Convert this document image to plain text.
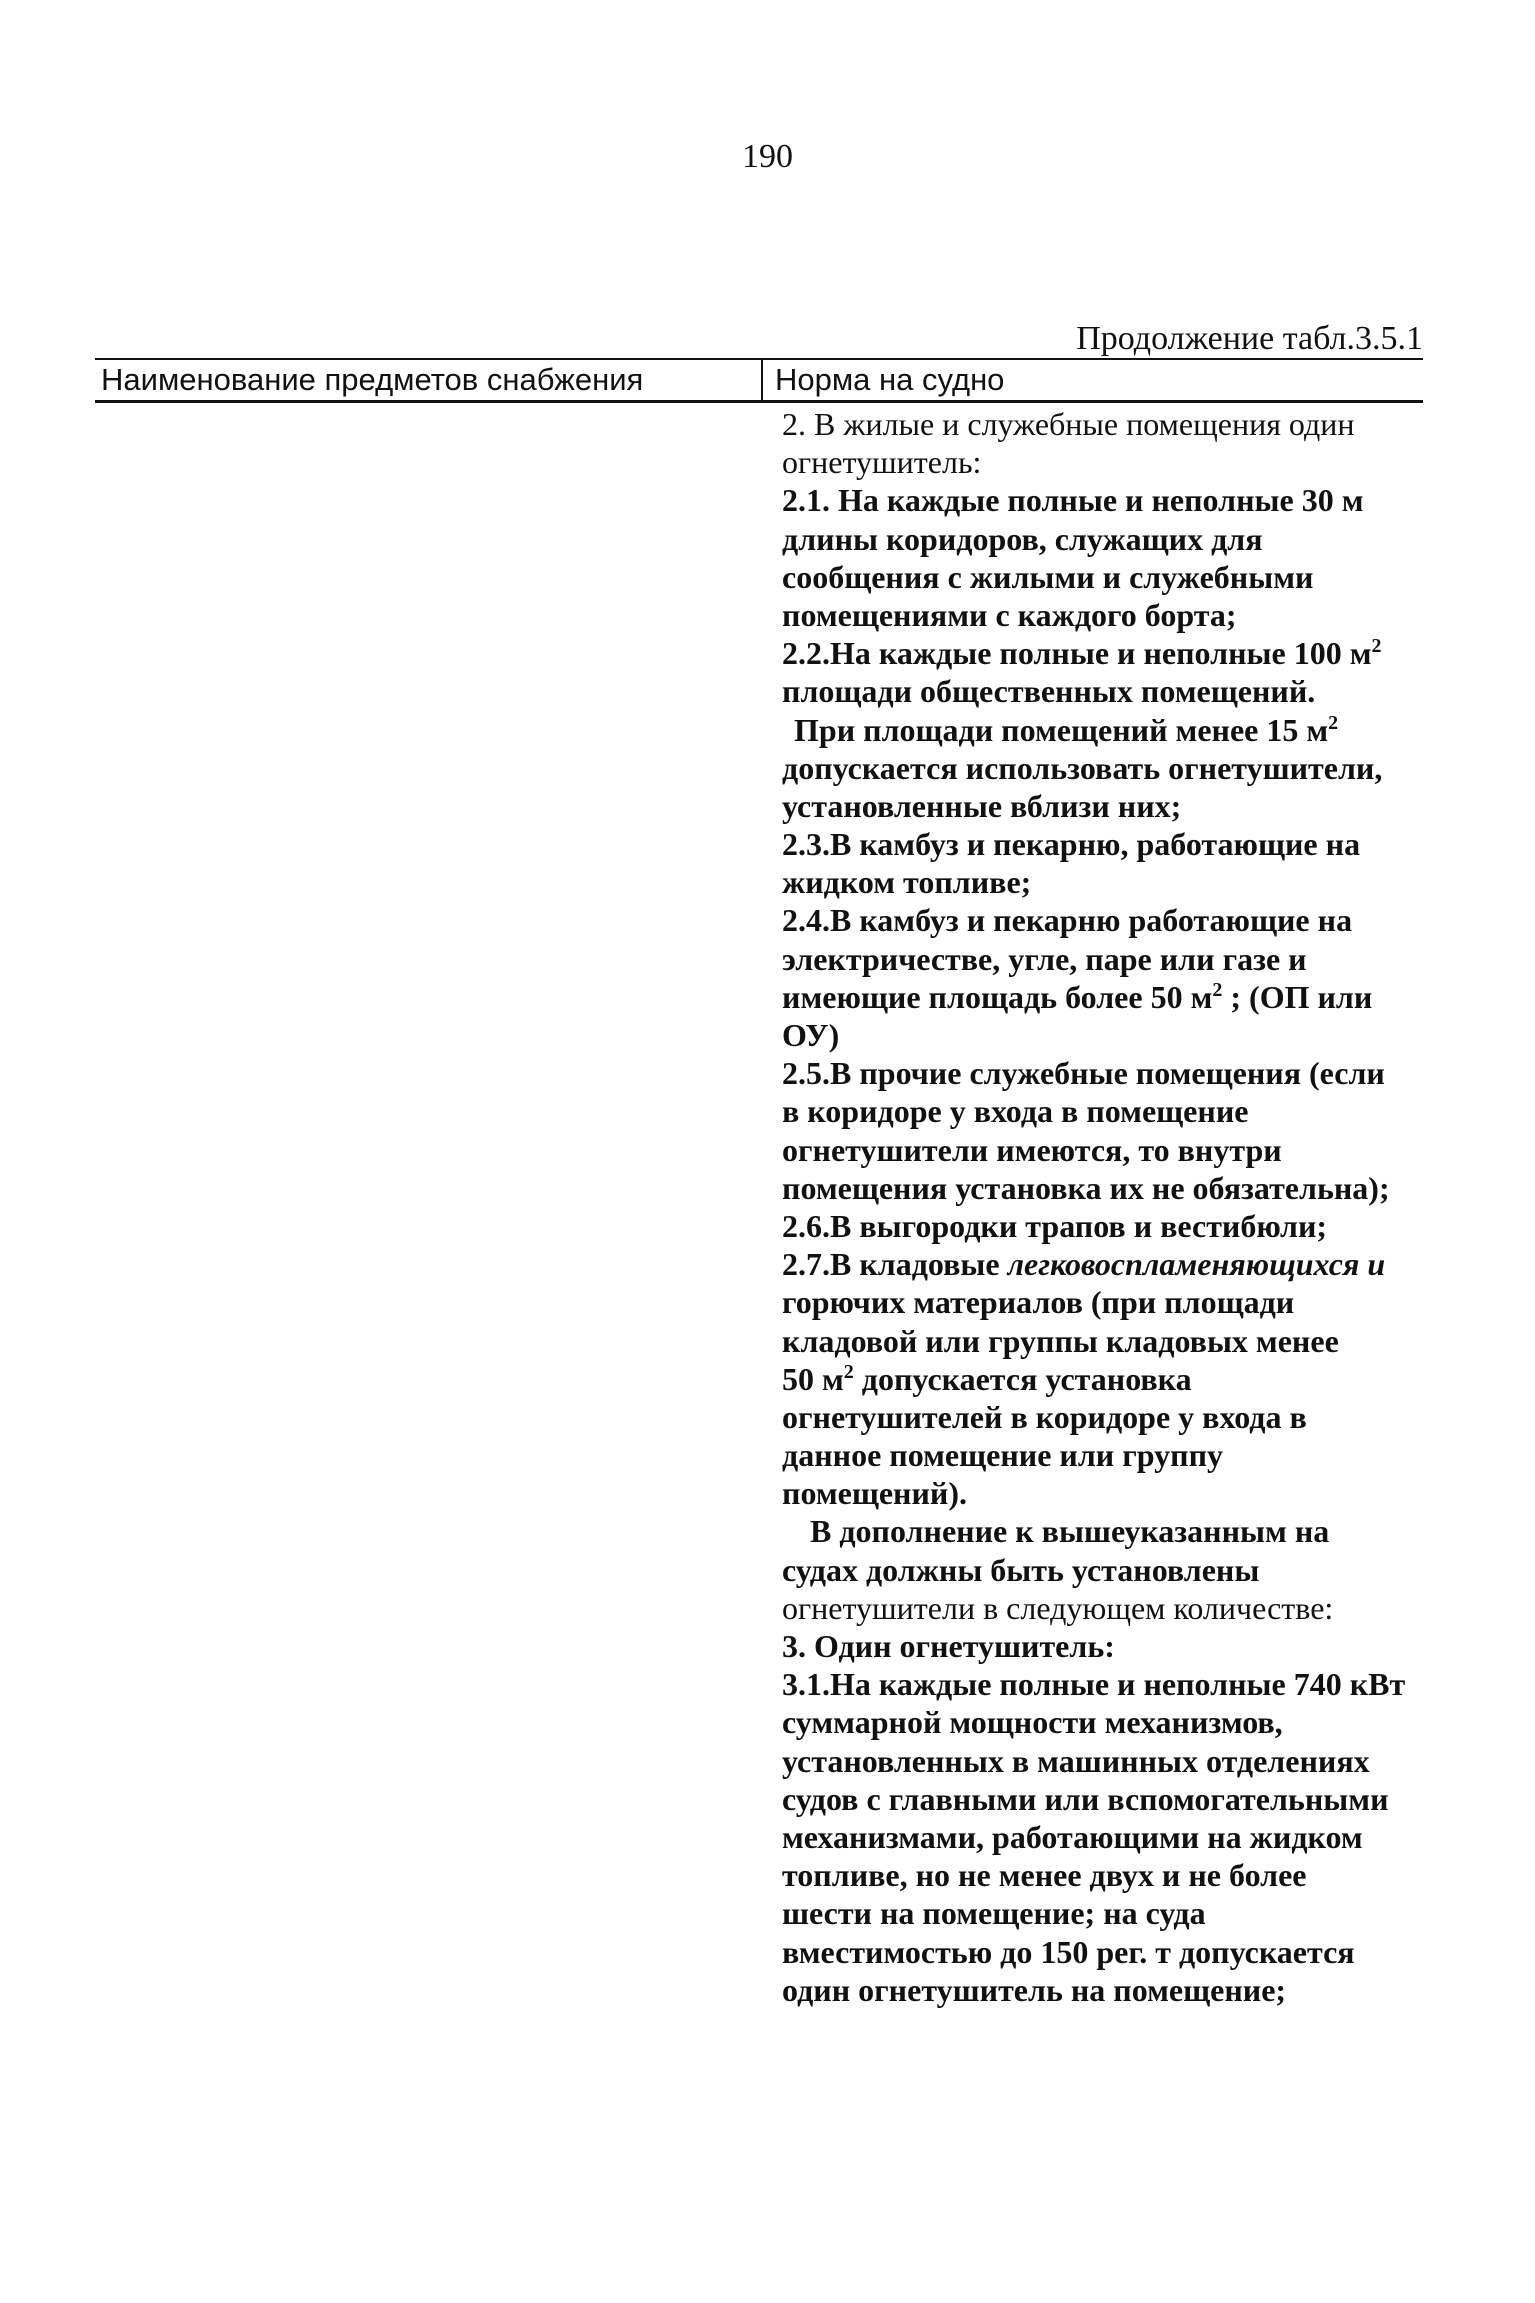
190
Продолжение табл.3.5.1
Наименование предметов снабжения	Норма на судно
2. В жилые и служебные помещения один
огнетушитель:
2.1. На каждые полные и неполные 30 м
длины коридоров, служащих для
сообщения с жилыми и служебными
помещениями с каждого борта;
2.2.На каждые полные и неполные 100 $м^2$
площади общественных помещений.
При площади помещений менее 15 $м^2$
допускается использовать огнетушители,
установленные вблизи них;
2.3.В камбуз и пекарню, работающие на
жидком топливе;
2.4.В камбуз и пекарню работающие на
электричестве, угле, паре или газе и
имеющие площадь более 50 $м^2$ ; (ОП или
ОУ)
2.5.В прочие служебные помещения (если
в коридоре у входа в помещение
огнетушители имеются, то внутри
помещения установка их не обязательна);
2.6.В выгородки трапов и вестибюли;
2.7.В кладовые легковоспламеняющихся и
горючих материалов (при площади
кладовой или группы кладовых менее
50 $м^2$ допускается установка
огнетушителей в коридоре у входа в
данное помещение или группу
помещений).
В дополнение к вышеуказанным на
судах должны быть установлены
огнетушители в следующем количестве:
3. Один огнетушитель:
3.1.На каждые полные и неполные 740 кВт
суммарной мощности механизмов,
установленных в машинных отделениях
судов с главными или вспомогательными
механизмами, работающими на жидком
топливе, но не менее двух и не более
шести на помещение; на суда
вместимостью до 150 рег. т допускается
один огнетушитель на помещение;
